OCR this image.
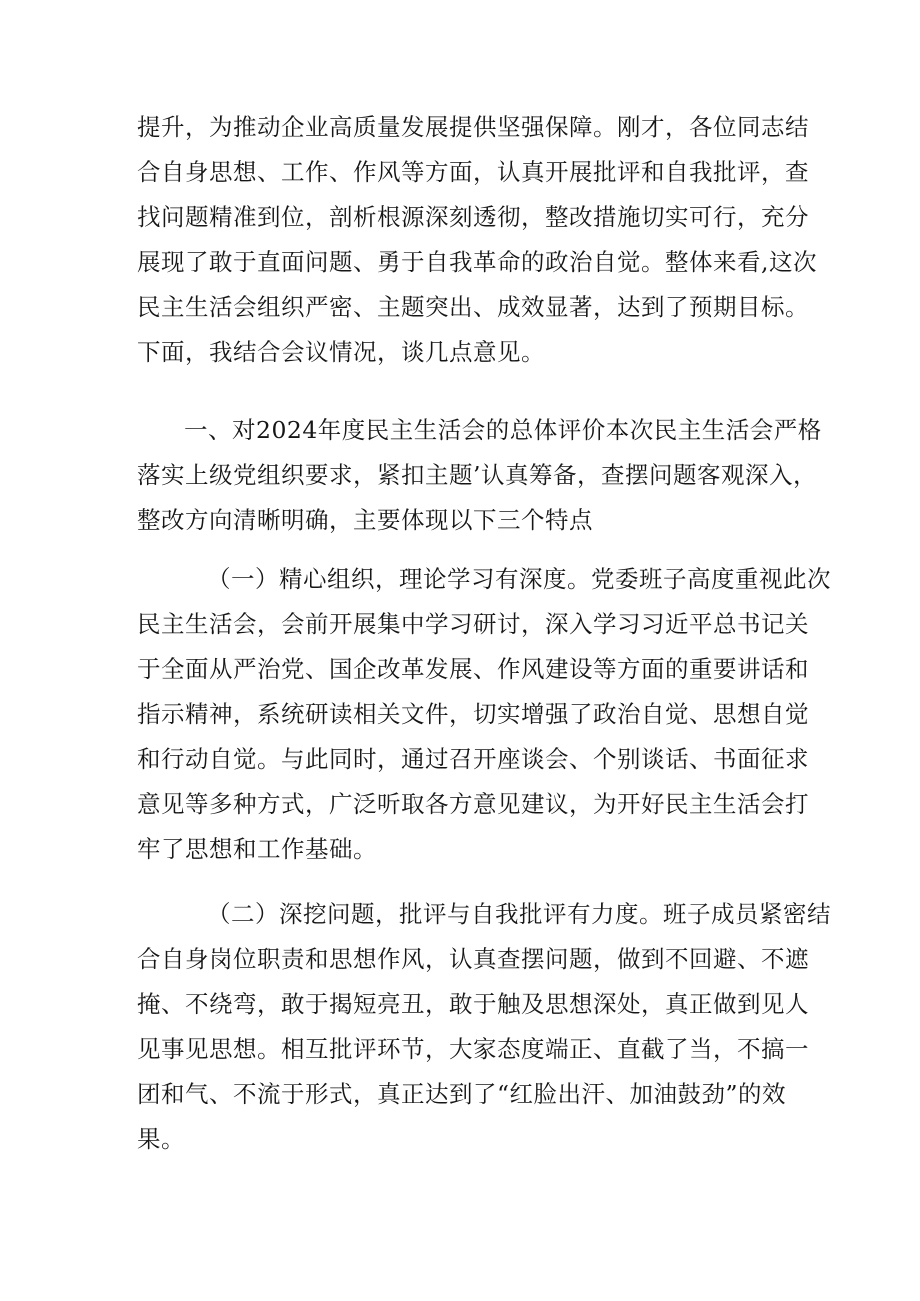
提升，为推动企业高质量发展提供坚强保障。刚才，各位同志结
合自身思想、工作、作风等方面，认真开展批评和自我批评，查
找问题精准到位，剖析根源深刻透彻，整改措施切实可行，充分
展现了敢于直面问题、勇于自我革命的政治自觉。整体来看,这次
民主生活会组织严密、主题突出、成效显著，达到了预期目标。
下面，我结合会议情况，谈几点意见。
一、对2024年度民主生活会的总体评价本次民主生活会严格
落实上级党组织要求，紧扣主题’认真筹备，查摆问题客观深入，
整改方向清晰明确，主要体现以下三个特点
（一）精心组织，理论学习有深度。党委班子高度重视此次
民主生活会，会前开展集中学习研讨，深入学习习近平总书记关
于全面从严治党、国企改革发展、作风建设等方面的重要讲话和
指示精神，系统研读相关文件，切实增强了政治自觉、思想自觉
和行动自觉。与此同时，通过召开座谈会、个别谈话、书面征求
意见等多种方式，广泛听取各方意见建议，为开好民主生活会打
牢了思想和工作基础。
（二）深挖问题，批评与自我批评有力度。班子成员紧密结
合自身岗位职责和思想作风，认真查摆问题，做到不回避、不遮
掩、不绕弯，敢于揭短亮丑，敢于触及思想深处，真正做到见人
见事见思想。相互批评环节，大家态度端正、直截了当，不搞一
团和气、不流于形式，真正达到了“红脸出汗、加油鼓劲”的效
果。
